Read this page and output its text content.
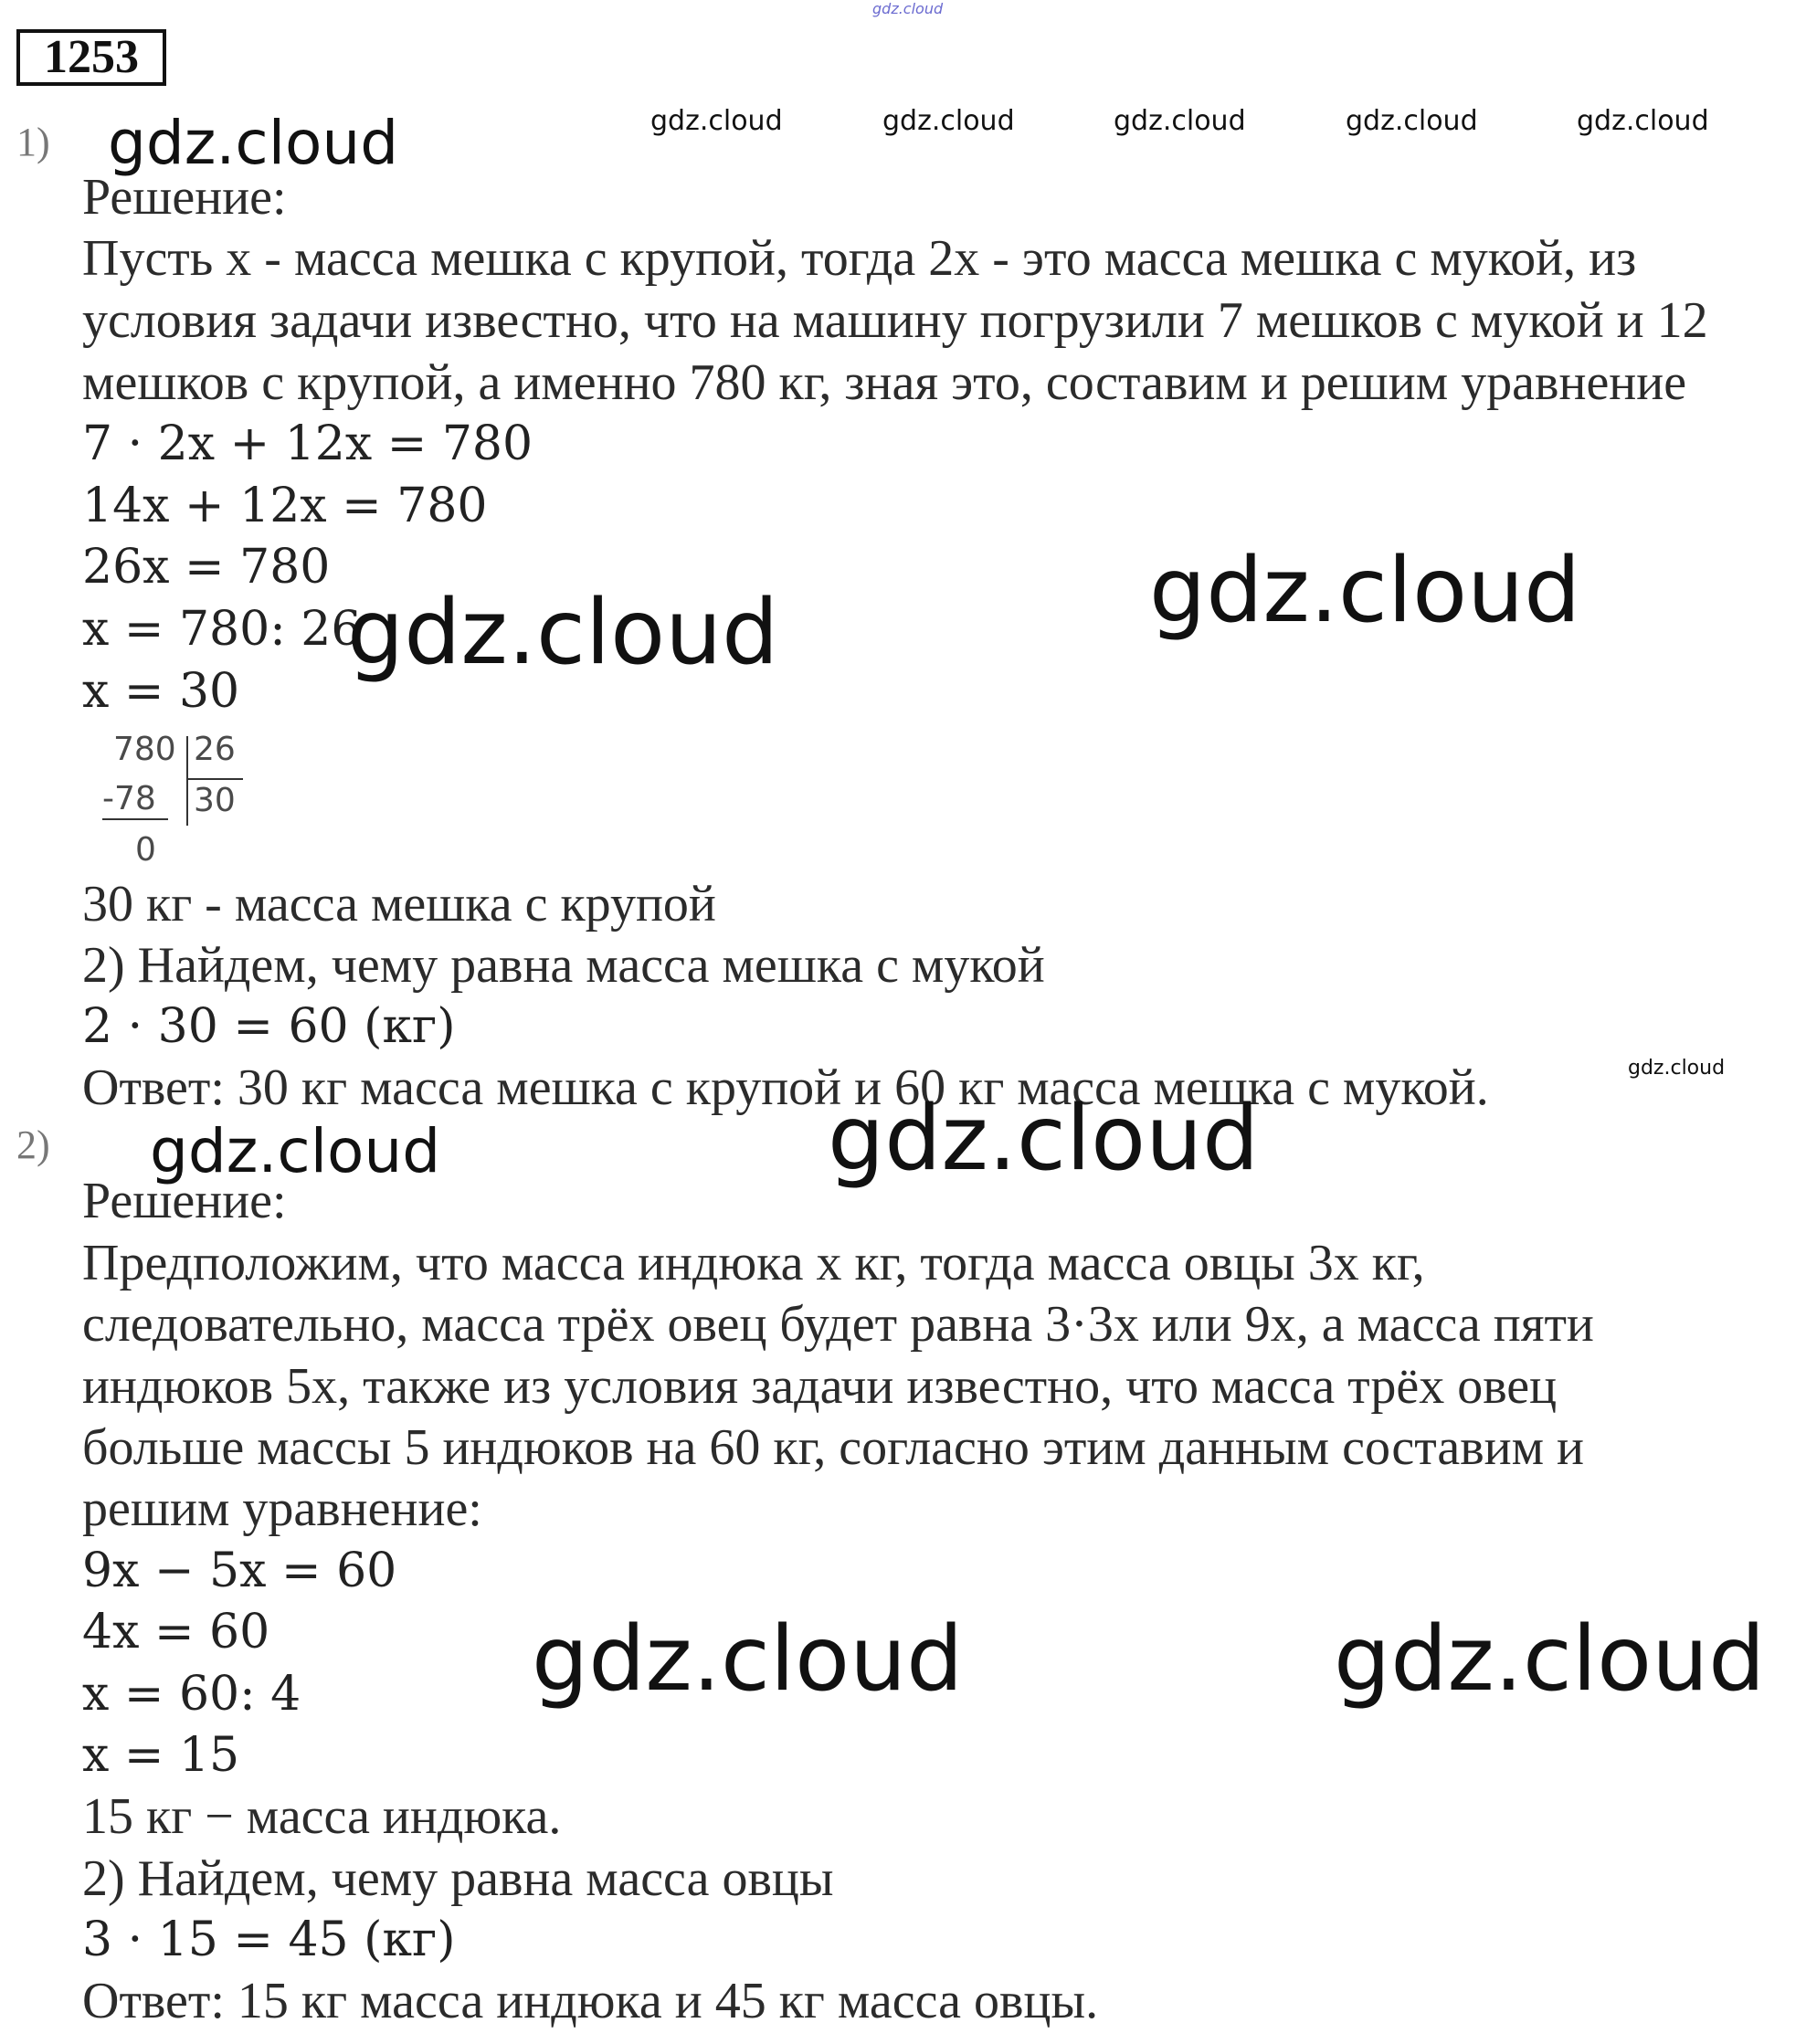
gdz.cloud
1253
gdz.cloud	gdz.cloud	gdz.cloud	gdz.cloud	gdz.cloud
1) gdz.cloud
Решение:
Пусть x - масса мешка с крупой, тогда 2x - это масса мешка с мукой, из
условия задачи известно, что на машину погрузили 7 мешков с мукой и 12
мешков с крупой, а именно 780 кг, зная это, составим и решим уравнение
7 · 2x + 12x = 780
14x + 12x = 780
26x = 780
x = 780: 26
x = 30
gdz.cloud	gdz.cloud
780 26
-78 30
0
30 кг - масса мешка с крупой
2) Найдем, чему равна масса мешка с мукой
2 · 30 = 60 (кг)
gdz.cloud
Ответ: 30 кг масса мешка с крупой и 60 кг масса мешка с мукой.
2) gdz.cloud	gdz.cloud
Решение:
Предположим, что масса индюка x кг, тогда масса овцы 3x кг,
следовательно, масса трёх овец будет равна 3·3x или 9x, а масса пяти
индюков 5x, также из условия задачи известно, что масса трёх овец
больше массы 5 индюков на 60 кг, согласно этим данным составим и
решим уравнение:
9x − 5x = 60
4x = 60
x = 60: 4
x = 15
gdz.cloud	gdz.cloud
15 кг − масса индюка.
2) Найдем, чему равна масса овцы
3 · 15 = 45 (кг)
Ответ: 15 кг масса индюка и 45 кг масса овцы.
